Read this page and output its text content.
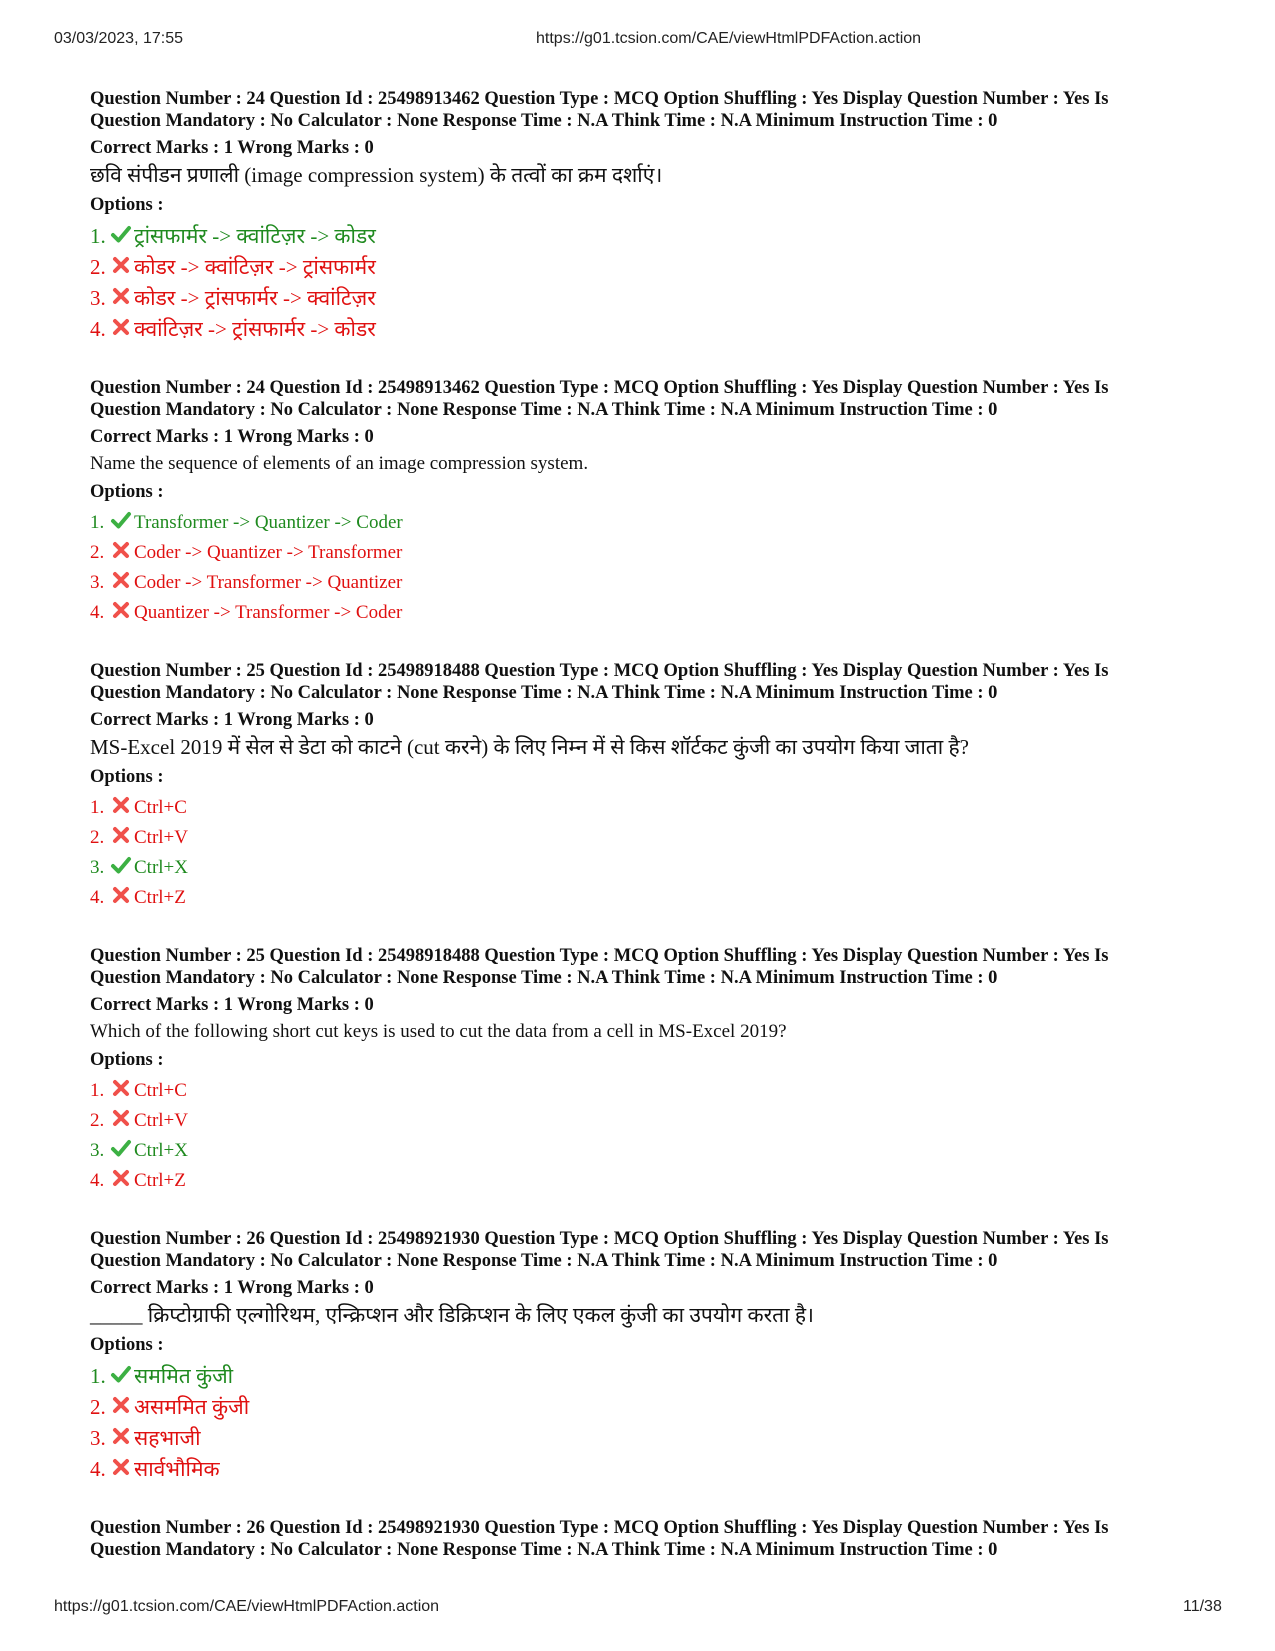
03/03/2023, 17:55	https://g01.tcsion.com/CAE/viewHtmlPDFAction.action
Question Number : 24 Question Id : 25498913462 Question Type : MCQ Option Shuffling : Yes Display Question Number : Yes Is
Question Mandatory : No Calculator : None Response Time : N.A Think Time : N.A Minimum Instruction Time : 0
Correct Marks : 1 Wrong Marks : 0
छवि संपीडन प्रणाली (image compression system) के तत्वों का क्रम दर्शाएं।
Options :
1. ट्रांसफार्मर -> क्वांटिज़र -> कोडर
2. कोडर -> क्वांटिज़र -> ट्रांसफार्मर
3. कोडर -> ट्रांसफार्मर -> क्वांटिज़र
4. क्वांटिज़र -> ट्रांसफार्मर -> कोडर
Question Number : 24 Question Id : 25498913462 Question Type : MCQ Option Shuffling : Yes Display Question Number : Yes Is
Question Mandatory : No Calculator : None Response Time : N.A Think Time : N.A Minimum Instruction Time : 0
Correct Marks : 1 Wrong Marks : 0
Name the sequence of elements of an image compression system.
Options :
1.	Transformer -> Quantizer -> Coder
2.	Coder -> Quantizer -> Transformer
3.	Coder -> Transformer -> Quantizer
4.	Quantizer -> Transformer -> Coder
Question Number : 25 Question Id : 25498918488 Question Type : MCQ Option Shuffling : Yes Display Question Number : Yes Is
Question Mandatory : No Calculator : None Response Time : N.A Think Time : N.A Minimum Instruction Time : 0
Correct Marks : 1 Wrong Marks : 0
MS-Excel 2019 में सेल से डेटा को काटने (cut करने) के लिए निम्न में से किस शॉर्टकट कुंजी का उपयोग किया जाता है?
Options :
1.	Ctrl+C
2.	Ctrl+V
3.	Ctrl+X
4.	Ctrl+Z
Question Number : 25 Question Id : 25498918488 Question Type : MCQ Option Shuffling : Yes Display Question Number : Yes Is
Question Mandatory : No Calculator : None Response Time : N.A Think Time : N.A Minimum Instruction Time : 0
Correct Marks : 1 Wrong Marks : 0
Which of the following short cut keys is used to cut the data from a cell in MS-Excel 2019?
Options :
1.	Ctrl+C
2.	Ctrl+V
3.	Ctrl+X
4.	Ctrl+Z
Question Number : 26 Question Id : 25498921930 Question Type : MCQ Option Shuffling : Yes Display Question Number : Yes Is
Question Mandatory : No Calculator : None Response Time : N.A Think Time : N.A Minimum Instruction Time : 0
Correct Marks : 1 Wrong Marks : 0
_____ क्रिप्टोग्राफी एल्गोरिथम, एन्क्रिप्शन और डिक्रिप्शन के लिए एकल कुंजी का उपयोग करता है।
Options :
1. सममित कुंजी
2. असममित कुंजी
3. सहभाजी
4. सार्वभौमिक
Question Number : 26 Question Id : 25498921930 Question Type : MCQ Option Shuffling : Yes Display Question Number : Yes Is
Question Mandatory : No Calculator : None Response Time : N.A Think Time : N.A Minimum Instruction Time : 0
https://g01.tcsion.com/CAE/viewHtmlPDFAction.action	11/38
